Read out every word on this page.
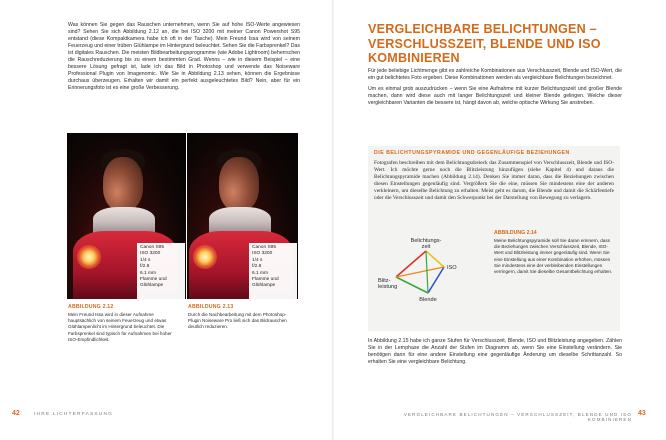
Was können Sie gegen das Rauschen unternehmen, wenn Sie auf hohe ISO-Werte angewiesen sind? Sehen Sie sich Abbildung 2.12 an, die bei ISO 3200 mit meiner Canon Powershot S95 entstand (diese Kompaktkamera habe ich oft in der Tasche). Mein Freund Issa wird von seinem Feuerzeug und einer trüben Glühlampe im Hintergrund beleuchtet. Sehen Sie die Farbsprenkel? Das ist digitales Rauschen. Die meisten Bildbearbeitungsprogramme (wie Adobe Lightroom) beherrschen die Rauschreduzierung bis zu einem bestimmten Grad. Wenns – wie in diesem Beispiel – eine bessere Lösung gefragt ist, lade ich das Bild in Photoshop und verwende das Noiseware Professional Plugin von Imagenomic. Wie Sie in Abbildung 2.13 sehen, können die Ergebnisse durchaus überzeugen. Erhalten wir damit ein perfekt ausgeleuchtetes Bild? Nein, aber für ein Erinnerungsfoto ist es eine große Verbesserung.

Canon S95
ISO 3200
1/4 s
f/2.8
6.1 mm
Flamme und
Glühlampe
Canon S95
ISO 3200
1/4 s
f/2.8
6.1 mm
Flamme und
Glühlampe
ABBILDUNG 2.12
Mein Freund Issa wird in dieser Aufnahme hauptsächlich von seinem Feuerzeug und etwas Glühlampenlicht im Hintergrund beleuchtet. Die Farbsprenkel sind typisch für Aufnahmen bei hoher ISO-Empfindlichkeit.
ABBILDUNG 2.13
Durch die Nachbearbeitung mit dem Photoshop-Plugin Noiseware Pro ließ sich das Bildrauschen deutlich reduzieren.
42	IHRE LICHTERFASSUNG
VERGLEICHBARE BELICHTUNGEN – VERSCHLUSSZEIT, BLENDE UND ISO KOMBINIEREN

Für jede beliebige Lichtmenge gibt es zahlreiche Kombinationen aus Verschlusszeit, Blende und ISO-Wert, die ein gut belichtetes Foto ergeben. Diese Kombinationen werden als vergleichbare Belichtungen bezeichnet.

Um es einmal grob auszudrücken – wenn Sie eine Aufnahme mit kurzer Belichtungszeit und großer Blende machen, dann wird diese auch mit langer Belichtungszeit und kleiner Blende gelingen. Welche dieser vergleichbaren Varianten die bessere ist, hängt davon ab, welche optische Wirkung Sie anstreben.

DIE BELICHTUNGSPYRAMIDE UND GEGENLÄUFIGE BEZIEHUNGEN
Fotografen beschreiben mit dem Belichtungsdreieck das Zusammenspiel von Verschlusszeit, Blende und ISO-Wert. Ich möchte gerne noch die Blitzleistung hinzufügen (siehe Kapitel 4) und daraus die Belichtungspyramide machen (Abbildung 2.14). Denken Sie immer daran, dass die Beziehungen zwischen diesen Einstellungen gegenläufig sind. Vergrößern Sie die eine, müssen Sie mindestens eine der anderen verkleinern, um dieselbe Belichtung zu erhalten. Meist geht es darum, die Blende und damit die Schärfentiefe oder die Verschlusszeit und damit den Schwerpunkt bei der Darstellung von Bewegung zu verlagern.
ABBILDUNG 2.14
Meine Belichtungspyramide soll Sie daran erinnern, dass die Beziehungen zwischen Verschlusszeit, Blende, ISO-Wert und Blitzleistung immer gegenläufig sind. Wenn Sie eine Einstellung aus einer Kombination erhöhen, müssen Sie mindestens eine der verbleibenden Einstellungen verringern, damit Sie dieselbe Gesamtbelichtung erhalten.
Belichtungs-
zeit
ISO
Blitz-
leistung
Blende

In Abbildung 2.15 habe ich ganze Stufen für Verschlusszeit, Blende, ISO und Blitzleistung angegeben. Zählen Sie in der Lernphase die Anzahl der Stufen im Diagramm ab, wenn Sie eine Einstellung verändern. Sie benötigen dann für eine andere Einstellung eine gegenläufige Änderung um dieselbe Schrittanzahl. So erhalten Sie eine vergleichbare Belichtung.

VERGLEICHBARE BELICHTUNGEN – VERSCHLUSSZEIT, BLENDE UND ISO KOMBINIEREN
43
